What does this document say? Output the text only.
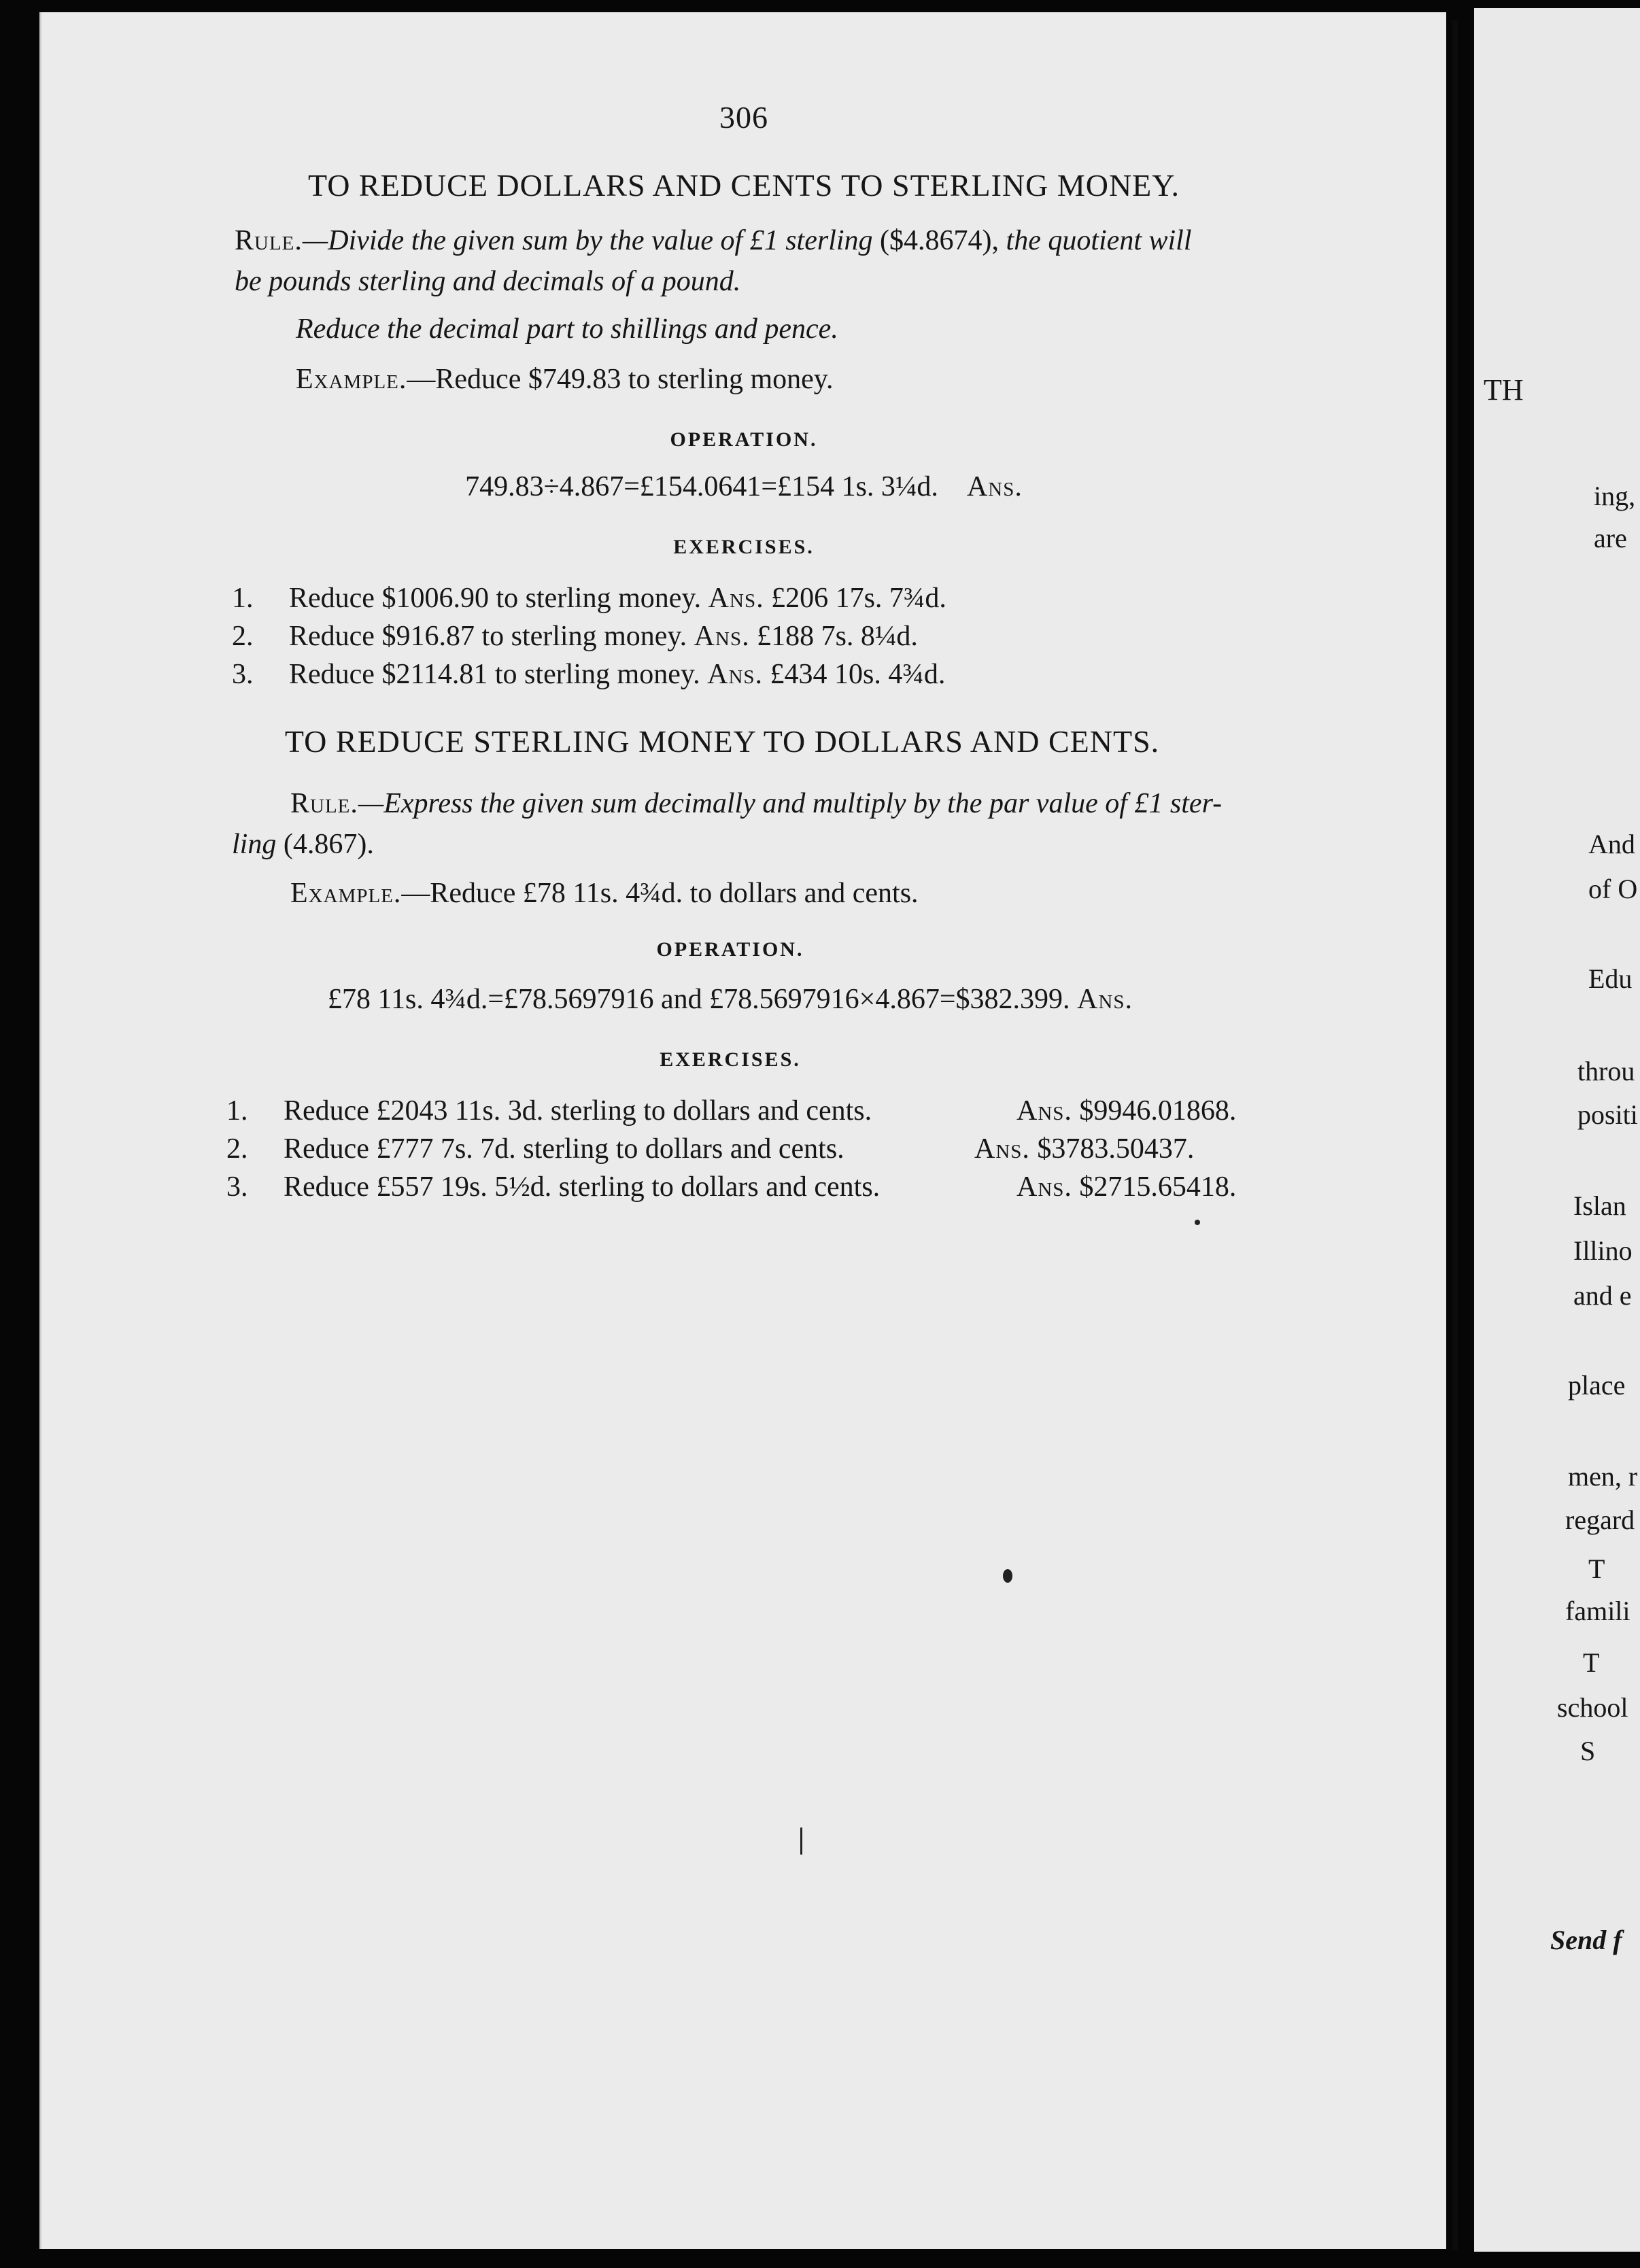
306
TO REDUCE DOLLARS AND CENTS TO STERLING MONEY.
Rule.—Divide the given sum by the value of £1 sterling ($4.8674), the quotient will
be pounds sterling and decimals of a pound.
Reduce the decimal part to shillings and pence.
Example.—Reduce $749.83 to sterling money.
OPERATION.
749.83÷4.867=£154.0641=£154 1s. 3¼d. Ans.
EXERCISES.
1. Reduce $1006.90 to sterling money. Ans. £206 17s. 7¾d.
2. Reduce $916.87 to sterling money. Ans. £188 7s. 8¼d.
3. Reduce $2114.81 to sterling money. Ans. £434 10s. 4¾d.
TO REDUCE STERLING MONEY TO DOLLARS AND CENTS.
Rule.—Express the given sum decimally and multiply by the par value of £1 ster-
ling (4.867).
Example.—Reduce £78 11s. 4¾d. to dollars and cents.
OPERATION.
£78 11s. 4¾d.=£78.5697916 and £78.5697916×4.867=$382.399. Ans.
EXERCISES.
1. Reduce £2043 11s. 3d. sterling to dollars and cents.	Ans. $9946.01868.
2. Reduce £777 7s. 7d. sterling to dollars and cents.	Ans. $3783.50437.
3. Reduce £557 19s. 5½d. sterling to dollars and cents.	Ans. $2715.65418.
TH
ing,
are
And
of O
Edu
throu
positi
Islan
Illino
and e
place
men, r
regard
T
famili
T
school
S
Send f
